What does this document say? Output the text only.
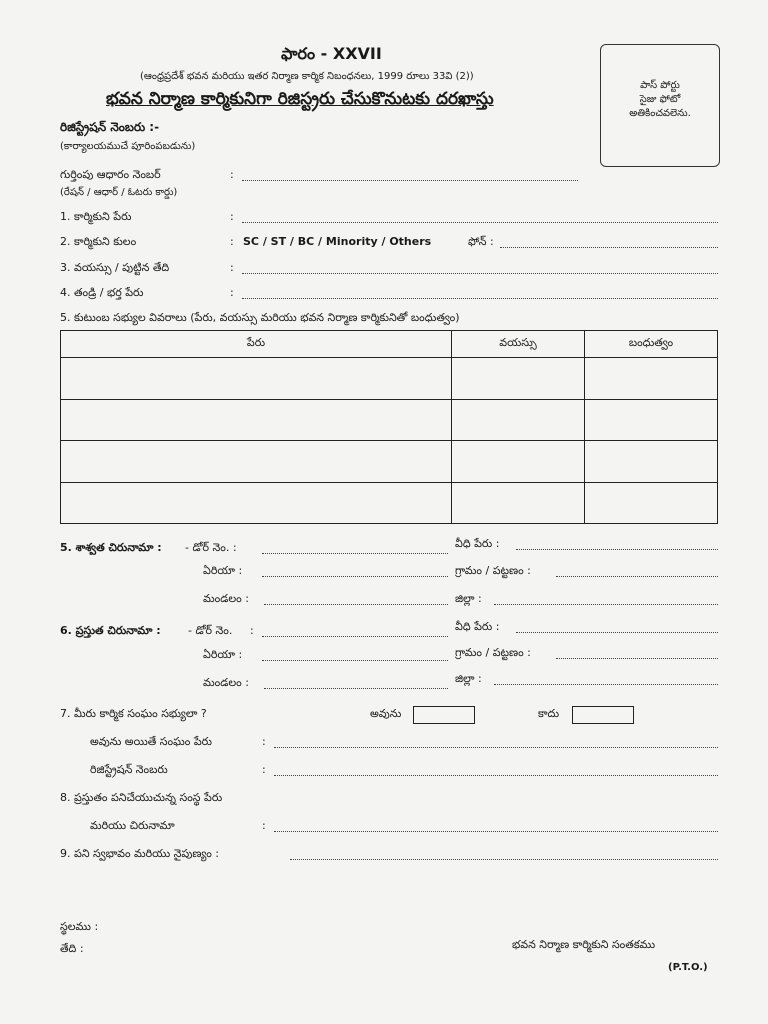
ఫారం - XXVII
(ఆంధ్రప్రదేశ్ భవన మరియు ఇతర నిర్మాణ కార్మిక నిబంధనలు, 1999 రూలు 33వి (2))
భవన నిర్మాణ కార్మికునిగా రిజిస్ట్రరు చేసుకొనుటకు దరఖాస్తు
పాస్ పోర్టు
సైజు ఫోటో
అతికించవలెను.
రిజిస్ట్రేషన్ నెంబరు :-
(కార్యాలయముచే పూరింపబడును)
గుర్తింపు ఆధారం నెంబర్	:
(రేషన్ / ఆధార్ / ఓటరు కార్డు)
1. కార్మికుని పేరు	:
2. కార్మికుని కులం	: SC / ST / BC / Minority / Others	ఫోన్ :
3. వయస్సు / పుట్టిన తేది	:
4. తండ్రి / భర్త పేరు	:
5. కుటుంబ సభ్యుల వివరాలు (పేరు, వయస్సు మరియు భవన నిర్మాణ కార్మికునితో బంధుత్వం)
పేరు	వయస్సు	బంధుత్వం

5. శాశ్వత చిరునామా : - డోర్ నెం. :	వీధి పేరు :
ఏరియా :	గ్రామం / పట్టణం :
మండలం :	జిల్లా :
6. ప్రస్తుత చిరునామా : - డోర్ నెం. :	వీధి పేరు :
ఏరియా :	గ్రామం / పట్టణం :
మండలం :	జిల్లా :
7. మీరు కార్మిక సంఘం సభ్యులా ?	అవును	కాదు
అవును అయితే సంఘం పేరు	:
రిజిస్ట్రేషన్ నెంబరు	:
8. ప్రస్తుతం పనిచేయుచున్న సంస్థ పేరు
మరియు చిరునామా	:
9. పని స్వభావం మరియు నైపుణ్యం :
స్థలము :
తేది :	భవన నిర్మాణ కార్మికుని సంతకము
(P.T.O.)
